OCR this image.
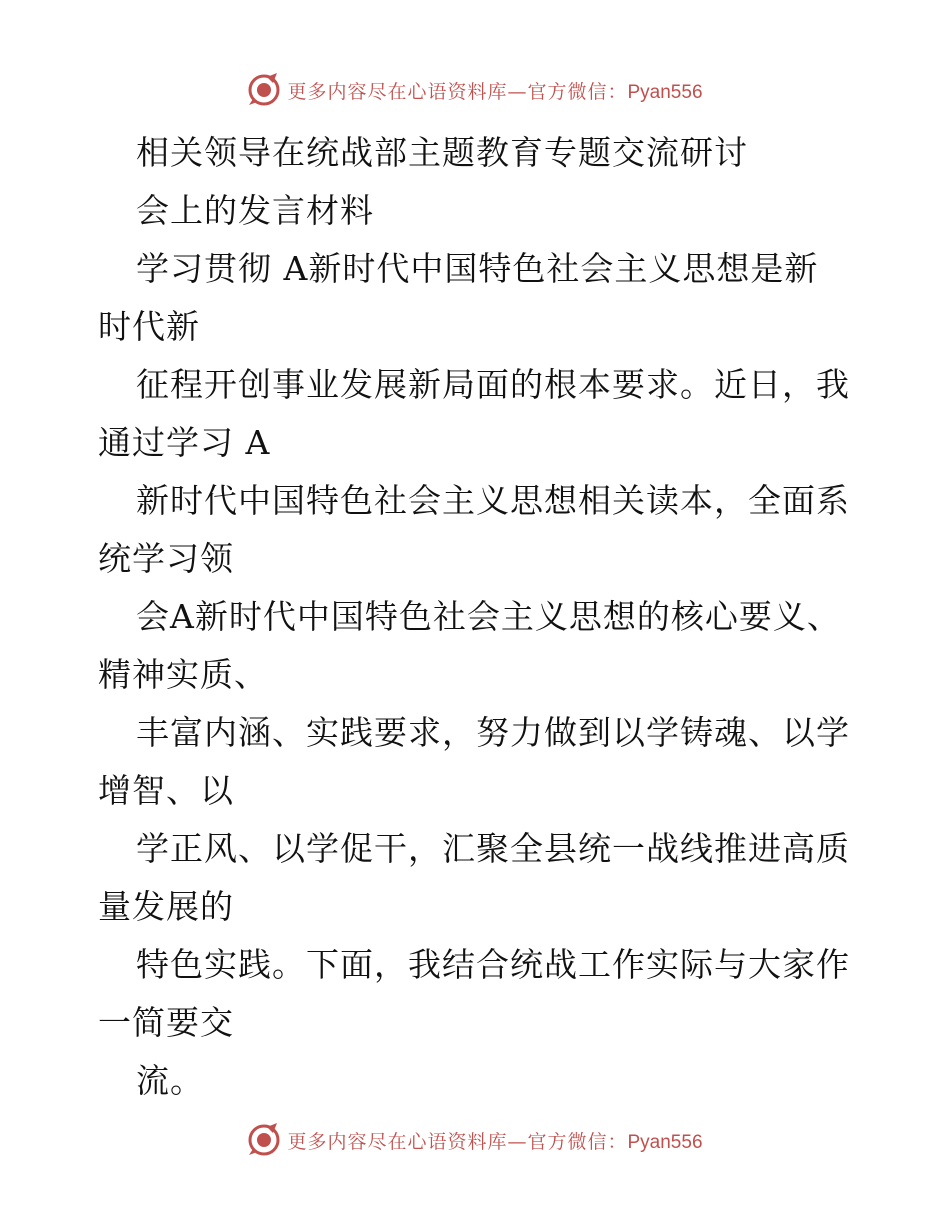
更多内容尽在心语资料库—官方微信：Pyan556
相关领导在统战部主题教育专题交流研讨
会上的发言材料
学习贯彻 A新时代中国特色社会主义思想是新
时代新
征程开创事业发展新局面的根本要求。近日，我
通过学习 A
新时代中国特色社会主义思想相关读本，全面系
统学习领
会A新时代中国特色社会主义思想的核心要义、
精神实质、
丰富内涵、实践要求，努力做到以学铸魂、以学
增智、以
学正风、以学促干，汇聚全县统一战线推进高质
量发展的
特色实践。下面，我结合统战工作实际与大家作
一简要交
流。
更多内容尽在心语资料库—官方微信：Pyan556
